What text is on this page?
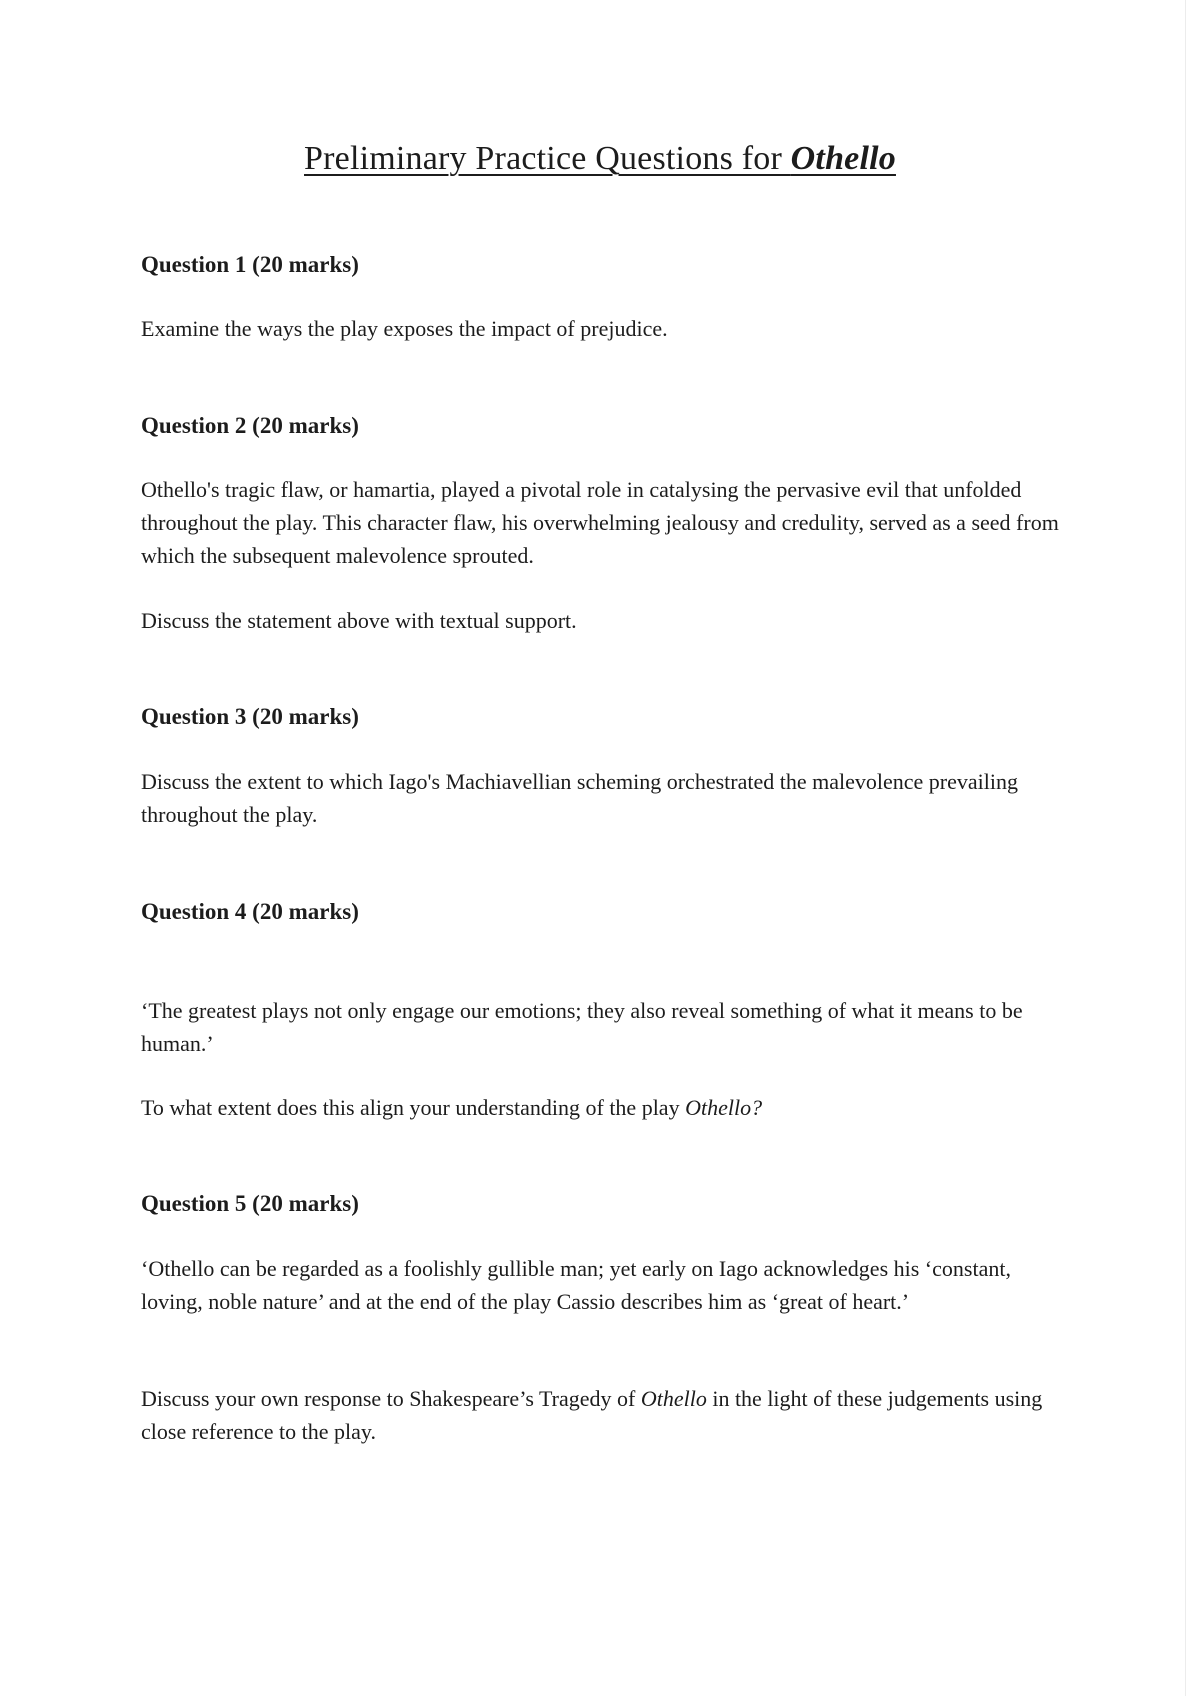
Preliminary Practice Questions for Othello
Question 1 (20 marks)

Examine the ways the play exposes the impact of prejudice.

Question 2 (20 marks)

Othello's tragic flaw, or hamartia, played a pivotal role in catalysing the pervasive evil that unfolded throughout the play. This character flaw, his overwhelming jealousy and credulity, served as a seed from which the subsequent malevolence sprouted.

Discuss the statement above with textual support.

Question 3 (20 marks)

Discuss the extent to which Iago's Machiavellian scheming orchestrated the malevolence prevailing throughout the play.

Question 4 (20 marks)

‘The greatest plays not only engage our emotions; they also reveal something of what it means to be human.’

To what extent does this align your understanding of the play Othello?

Question 5 (20 marks)

‘Othello can be regarded as a foolishly gullible man; yet early on Iago acknowledges his ‘constant, loving, noble nature’ and at the end of the play Cassio describes him as ‘great of heart.’

Discuss your own response to Shakespeare’s Tragedy of Othello in the light of these judgements using close reference to the play.
